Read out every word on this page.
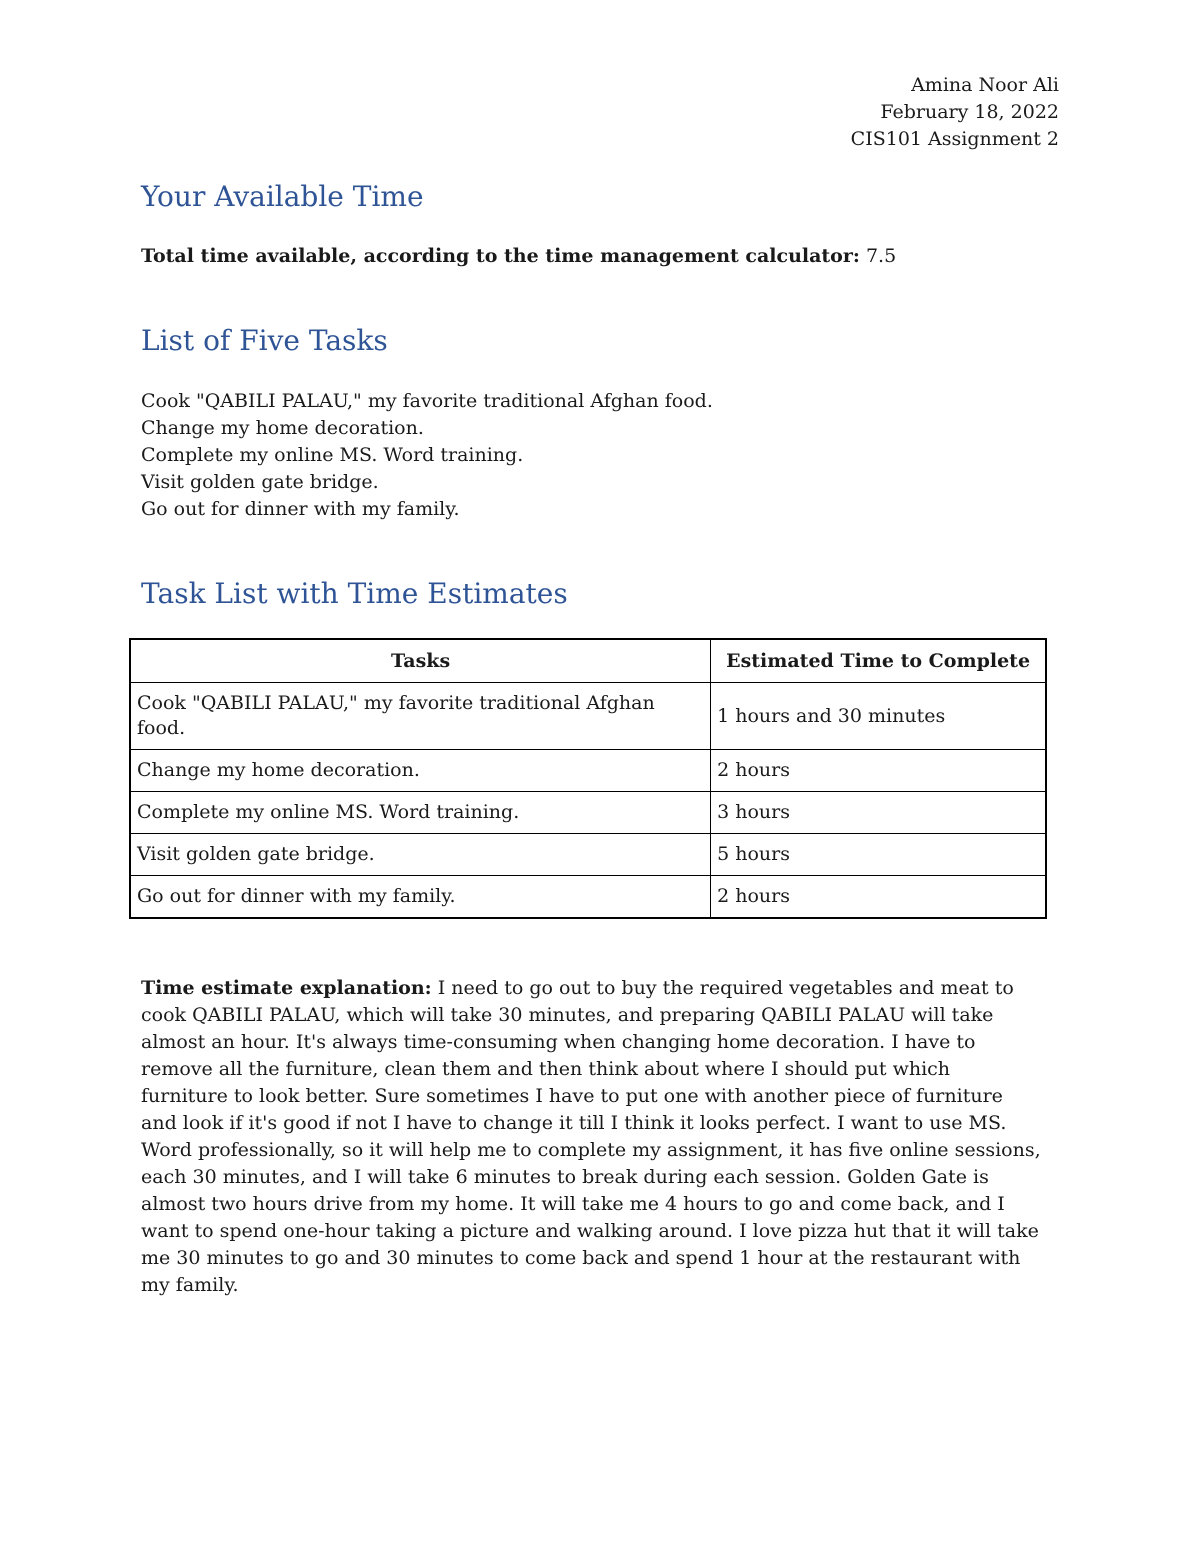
Amina Noor Ali
February 18, 2022
CIS101 Assignment 2
Your Available Time
Total time available, according to the time management calculator: 7.5
List of Five Tasks
Cook "QABILI PALAU," my favorite traditional Afghan food.
Change my home decoration.
Complete my online MS. Word training.
Visit golden gate bridge.
Go out for dinner with my family.
Task List with Time Estimates
Tasks	Estimated Time to Complete
Cook "QABILI PALAU," my favorite traditional Afghan food.	1 hours and 30 minutes
Change my home decoration.	2 hours
Complete my online MS. Word training.	3 hours
Visit golden gate bridge.	5 hours
Go out for dinner with my family.	2 hours

Time estimate explanation: I need to go out to buy the required vegetables and meat to cook QABILI PALAU, which will take 30 minutes, and preparing QABILI PALAU will take almost an hour. It's always time-consuming when changing home decoration. I have to remove all the furniture, clean them and then think about where I should put which furniture to look better. Sure sometimes I have to put one with another piece of furniture and look if it's good if not I have to change it till I think it looks perfect. I want to use MS. Word professionally, so it will help me to complete my assignment, it has five online sessions, each 30 minutes, and I will take 6 minutes to break during each session. Golden Gate is almost two hours drive from my home. It will take me 4 hours to go and come back, and I want to spend one-hour taking a picture and walking around. I love pizza hut that it will take me 30 minutes to go and 30 minutes to come back and spend 1 hour at the restaurant with my family.
